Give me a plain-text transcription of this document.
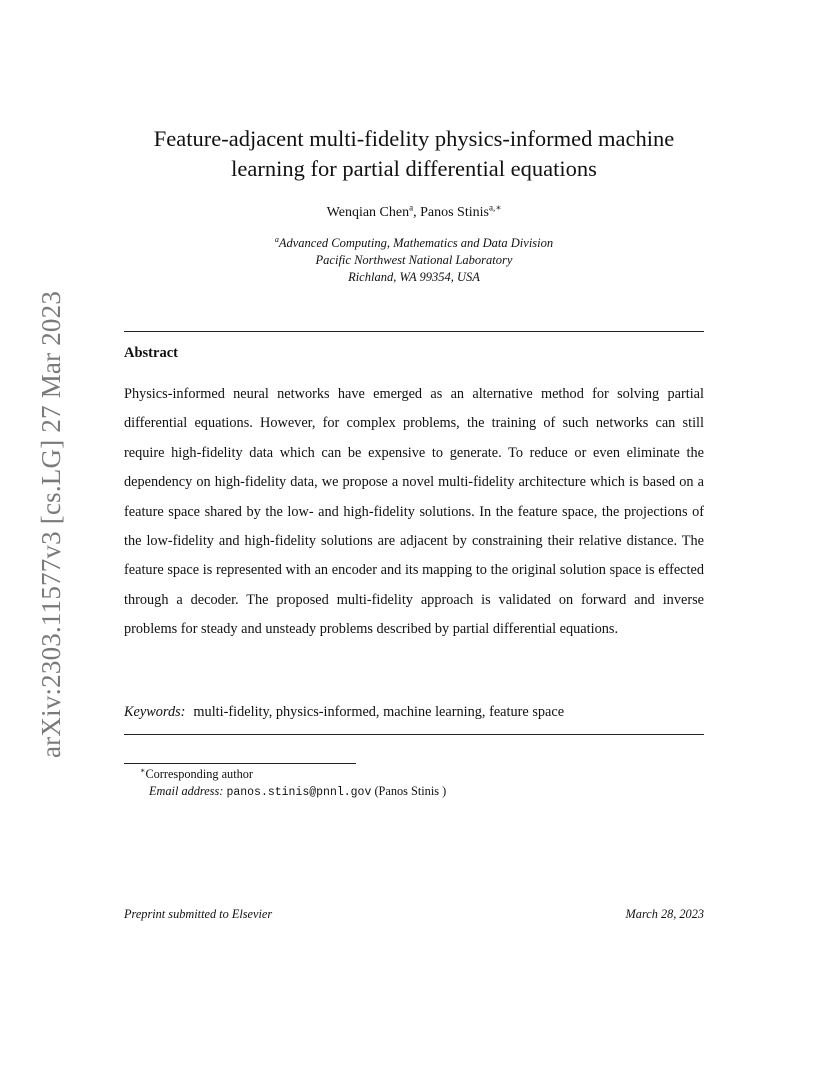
arXiv:2303.11577v3 [cs.LG] 27 Mar 2023
Feature-adjacent multi-fidelity physics-informed machine
learning for partial differential equations
Wenqian Chen$^a$, Panos Stinis$^{a,∗}$
$^a$Advanced Computing, Mathematics and Data Division
Pacific Northwest National Laboratory
Richland, WA 99354, USA
Abstract
Physics-informed neural networks have emerged as an alternative method for solving partial differential equations. However, for complex problems, the training of such networks can still require high-fidelity data which can be expensive to generate. To reduce or even eliminate the dependency on high-fidelity data, we propose a novel multi-fidelity architecture which is based on a feature space shared by the low- and high-fidelity solutions. In the feature space, the projections of the low-fidelity and high-fidelity solutions are adjacent by constraining their relative distance. The feature space is represented with an encoder and its mapping to the original solution space is effected through a decoder. The proposed multi-fidelity approach is validated on forward and inverse problems for steady and unsteady problems described by partial differential equations.
Keywords: multi-fidelity, physics-informed, machine learning, feature space
∗Corresponding author
Email address: panos.stinis@pnnl.gov (Panos Stinis )
Preprint submitted to Elsevier	March 28, 2023
